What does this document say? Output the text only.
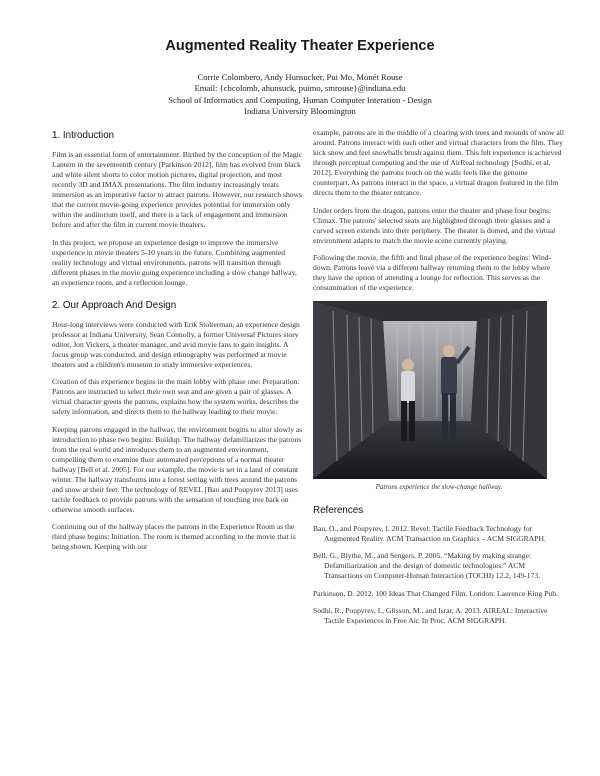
Augmented Reality Theater Experience
Corrie Colombero, Andy Hunsucker, Pui Mo, Monét Rouse
Email: {cbcolomb, ahunsuck, puimo, smrouse}@indiana.edu
School of Informatics and Computing, Human Computer Interation - Design
Indiana University Bloomington
1. Introduction

Film is an essential form of entertainment. Birthed by the conception of the Magic Lantern in the seventeenth century [Parkinson 2012], film has evolved from black and white silent shorts to color motion pictures, digital projection, and most recently 3D and IMAX presentations. The film industry increasingly treats immersion as an imperative factor to attract patrons. However, our research shows that the current movie-going experience provides potential for immersion only within the auditorium itself, and there is a lack of engagement and immersion before and after the film in current movie theaters.

In this project, we propose an experience design to improve the immersive experience in movie theaters 5-10 years in the future. Combining augmented reality technology and virtual environments, patrons will transition through different phases in the movie going experience including a slow change hallway, an experience room, and a reflection lounge.

2. Our Approach And Design

Hour-long interviews were conducted with Erik Stolterman, an experience design professor at Indiana University, Sean Connolly, a former Universal Pictures story editor, Jon Vickers, a theater manager, and avid movie fans to gain insights. A focus group was conducted, and design ethnography was performed at movie theaters and a children's museum to study immersive experiences.

Creation of this experience begins in the main lobby with phase one: Preparation. Patrons are instructed to select their own seat and are given a pair of glasses. A virtual character greets the patrons, explains how the system works, describes the safety information, and directs them to the hallway leading to their movie.

Keeping patrons engaged in the hallway, the environment begins to alter slowly as introduction to phase two begins: Buildup. The hallway defamiliarizes the patrons from the real world and introduces them to an augmented environment, compelling them to examine their automated perceptions of a normal theater hallway [Bell et al. 2005]. For our example, the movie is set in a land of constant winter. The hallway transforms into a forest setting with trees around the patrons and snow at their feet. The technology of REVEL [Bau and Poupyrev 2013] uses tactile feedback to provide patrons with the sensation of touching tree bark on otherwise smooth surfaces.

Continuing out of the hallway places the patrons in the Experience Room as the third phase begins: Initiation. The room is themed according to the movie that is being shown. Keeping with our

example, patrons are in the middle of a clearing with trees and mounds of snow all around. Patrons interact with each other and virtual characters from the film. They kick snow and feel snowballs brush against them. This felt experience is achieved through perceptual computing and the use of AirReal technology [Sodhi, et al. 2012]. Everything the patrons touch on the walls feels like the genuine counterpart. As patrons interact in the space, a virtual dragon featured in the film directs them to the theater entrance.

Under orders from the dragon, patrons enter the theater and phase four begins: Climax. The patrons' selected seats are highlighted through their glasses and a curved screen extends into their periphery. The theater is domed, and the virtual environment adapts to match the movie scene currently playing.

Following the movie, the fifth and final phase of the experience begins: Wind-down. Patrons leave via a different hallway returning them to the lobby where they have the option of attending a lounge for reflection. This serves as the consummation of the experience.

Patrons experience the slow-change hallway.
References
Bau, O., and Poupyrev, I. 2012. Revel: Tactile Feedback Technology for Augmented Reality. ACM Transaction on Graphics – ACM SIGGRAPH.
Bell, G., Blythe, M., and Sengers, P. 2005. “Making by making strange: Defamiliarization and the design of domestic technologies.” ACM Transactions on Computer-Human Interaction (TOCHI) 12.2, 149-173.
Parkinson, D. 2012. 100 Ideas That Changed Film. London: Laurence King Pub.
Sodhi, R., Poupyrev, I., Glisson, M., and Israr, A. 2013. AIREAL: Interactive Tactile Experiences in Free Air. In Proc. ACM SIGGRAPH.
